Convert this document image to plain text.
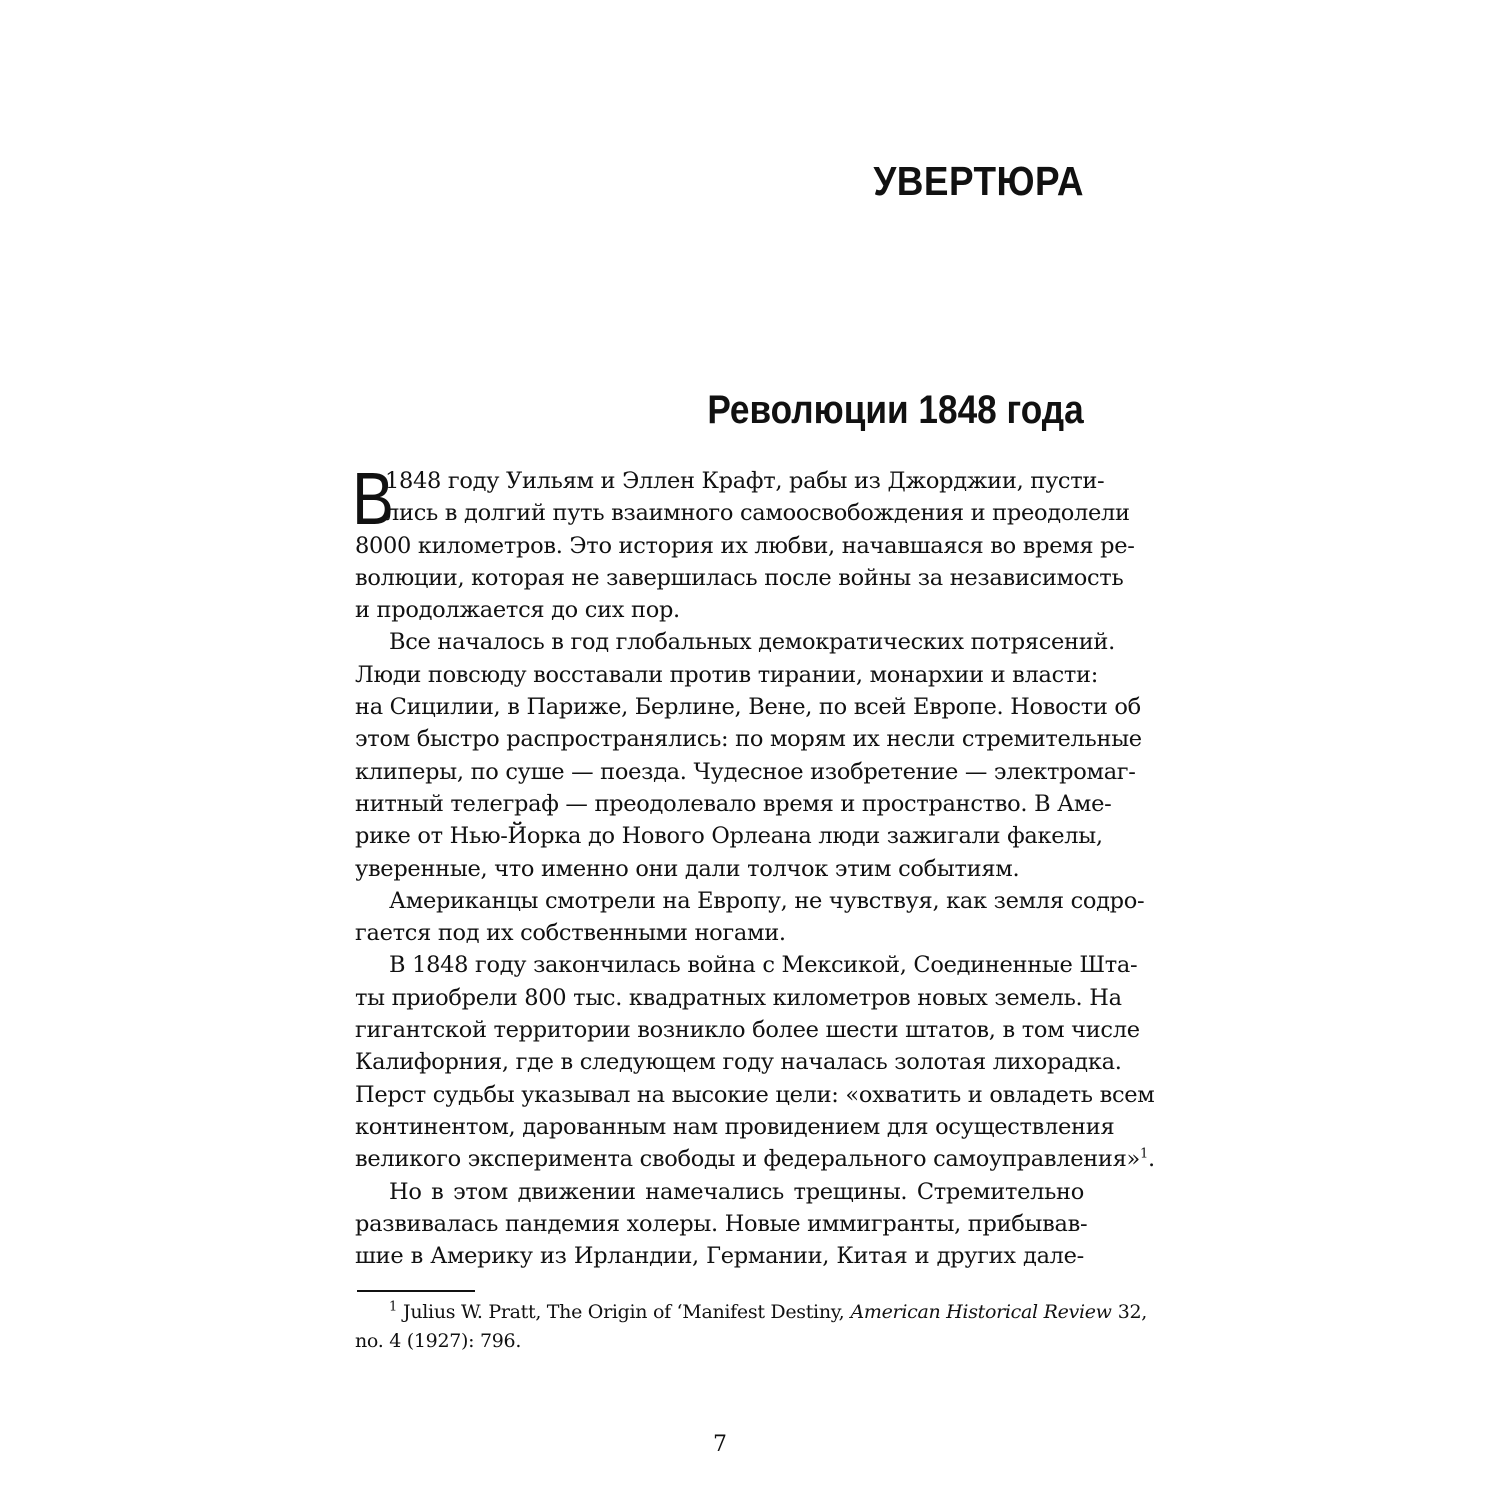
УВЕРТЮРА
Революции 1848 года
В
1848 году Уильям и Эллен Крафт, рабы из Джорджии, пусти-
лись в долгий путь взаимного самоосвобождения и преодолели
8000 километров. Это история их любви, начавшаяся во время ре-
волюции, которая не завершилась после войны за независимость
и продолжается до сих пор.
Все началось в год глобальных демократических потрясений.
Люди повсюду восставали против тирании, монархии и власти:
на Сицилии, в Париже, Берлине, Вене, по всей Европе. Новости об
этом быстро распространялись: по морям их несли стремительные
клиперы, по суше — поезда. Чудесное изобретение — электромаг-
нитный телеграф — преодолевало время и пространство. В Аме-
рике от Нью-Йорка до Нового Орлеана люди зажигали факелы,
уверенные, что именно они дали толчок этим событиям.
Американцы смотрели на Европу, не чувствуя, как земля содро-
гается под их собственными ногами.
В 1848 году закончилась война с Мексикой, Соединенные Шта-
ты приобрели 800 тыс. квадратных километров новых земель. На
гигантской территории возникло более шести штатов, в том числе
Калифорния, где в следующем году началась золотая лихорадка.
Перст судьбы указывал на высокие цели: «охватить и овладеть всем
континентом, дарованным нам провидением для осуществления
великого эксперимента свободы и федерального самоуправления»$^1$.
Но в этом движении намечались трещины. Стремительно
развивалась пандемия холеры. Новые иммигранты, прибывав-
шие в Америку из Ирландии, Германии, Китая и других дале-
$^1$ Julius W. Pratt, The Origin of ‘Manifest Destiny, American Historical Review 32,
no. 4 (1927): 796.
7
